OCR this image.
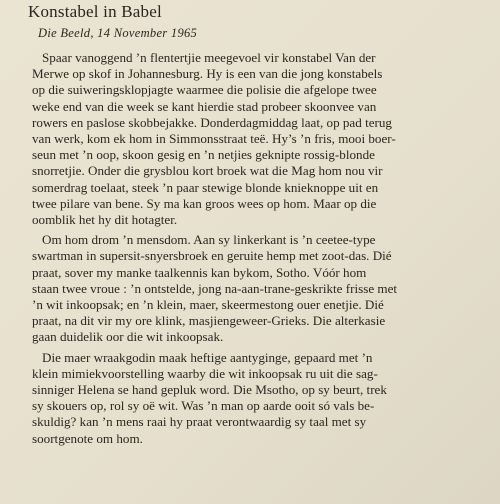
Konstabel in Babel
Die Beeld, 14 November 1965

Spaar vanoggend ’n flentertjie meegevoel vir konstabel Van der
Merwe op skof in Johannesburg. Hy is een van die jong konstabels
op die suiweringsklopjagte waarmee die polisie die afgelope twee
weke end van die week se kant hierdie stad probeer skoonvee van
rowers en paslose skobbejakke. Donderdagmiddag laat, op pad terug
van werk, kom ek hom in Simmonsstraat teë. Hy’s ’n fris, mooi boer-
seun met ’n oop, skoon gesig en ’n netjies geknipte rossig-blonde
snorretjie. Onder die grysblou kort broek wat die Mag hom nou vir
somerdrag toelaat, steek ’n paar stewige blonde knieknoppe uit en
twee pilare van bene. Sy ma kan groos wees op hom. Maar op die
oomblik het hy dit hotagter.

Om hom drom ’n mensdom. Aan sy linkerkant is ’n ceetee-type
swartman in supersit-snyersbroek en geruite hemp met zoot-das. Dié
praat, sover my manke taalkennis kan bykom, Sotho. Vóór hom
staan twee vroue : ’n ontstelde, jong na-aan-trane-geskrikte frisse met
’n wit inkoopsak; en ’n klein, maer, skeermestong ouer enetjie. Dié
praat, na dit vir my ore klink, masjiengeweer-Grieks. Die alterkasie
gaan duidelik oor die wit inkoopsak.

Die maer wraakgodin maak heftige aantyginge, gepaard met ’n
klein mimiekvoorstelling waarby die wit inkoopsak ru uit die sag-
sinniger Helena se hand gepluk word. Die Msotho, op sy beurt, trek
sy skouers op, rol sy oë wit. Was ’n man op aarde ooit só vals be-
skuldig? kan ’n mens raai hy praat verontwaardig sy taal met sy
soortgenote om hom.
